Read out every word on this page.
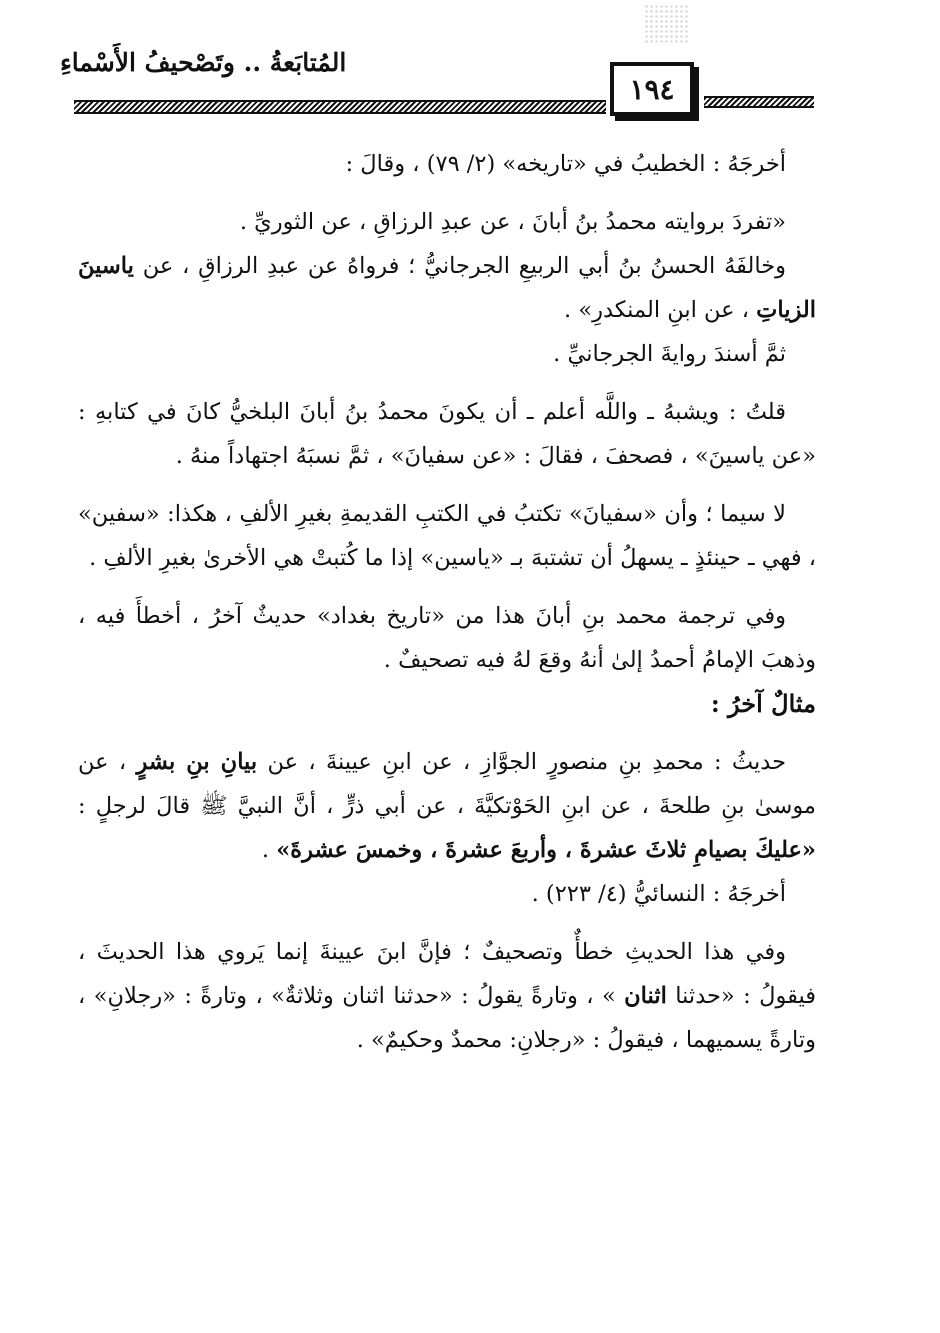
المُتابَعةُ .. وتَصْحيفُ الأَسْماءِ
١٩٤

أخرجَهُ : الخطيبُ في «تاريخه» (٢/ ٧٩) ، وقالَ :

«تفردَ بروايته محمدُ بنُ أبانَ ، عن عبدِ الرزاقِ ، عن الثوريِّ .

وخالفَهُ الحسنُ بنُ أبي الربيعِ الجرجانيُّ ؛ فرواهُ عن عبدِ الرزاقِ ، عن ياسينَ الزياتِ ، عن ابنِ المنكدرِ» .

ثمَّ أسندَ روايةَ الجرجانيِّ .

قلتُ : ويشبهُ ـ واللَّه أعلم ـ أن يكونَ محمدُ بنُ أبانَ البلخيُّ كانَ في كتابهِ : «عن ياسينَ» ، فصحفَ ، فقالَ : «عن سفيانَ» ، ثمَّ نسبَهُ اجتهاداً منهُ .

لا سيما ؛ وأن «سفيانَ» تكتبُ في الكتبِ القديمةِ بغيرِ الألفِ ، هكذا: «سفين» ، فهي ـ حينئذٍ ـ يسهلُ أن تشتبهَ بـ «ياسين» إذا ما كُتبتْ هي الأخرىٰ بغيرِ الألفِ .

وفي ترجمة محمد بنِ أبانَ هذا من «تاريخ بغداد» حديثٌ آخرُ ، أخطأَ فيه ، وذهبَ الإمامُ أحمدُ إلىٰ أنهُ وقعَ لهُ فيه تصحيفٌ .

مثالٌ آخرُ :

حديثُ : محمدِ بنِ منصورٍ الجوَّازِ ، عن ابنِ عيينةَ ، عن بيانِ بنِ بشرٍ ، عن موسىٰ بنِ طلحةَ ، عن ابنِ الحَوْتكيَّةَ ، عن أبي ذرٍّ ، أنَّ النبيَّ ﷺ قالَ لرجلٍ : «عليكَ بصيامِ ثلاثَ عشرةَ ، وأربعَ عشرةَ ، وخمسَ عشرةَ» .

أخرجَهُ : النسائيُّ (٤/ ٢٢٣) .

وفي هذا الحديثِ خطأٌ وتصحيفٌ ؛ فإنَّ ابنَ عيينةَ إنما يَروي هذا الحديثَ ، فيقولُ : «حدثنا اثنان » ، وتارةً يقولُ : «حدثنا اثنان وثلاثةٌ» ، وتارةً : «رجلانِ» ، وتارةً يسميهما ، فيقولُ : «رجلانِ: محمدٌ وحكيمٌ» .
